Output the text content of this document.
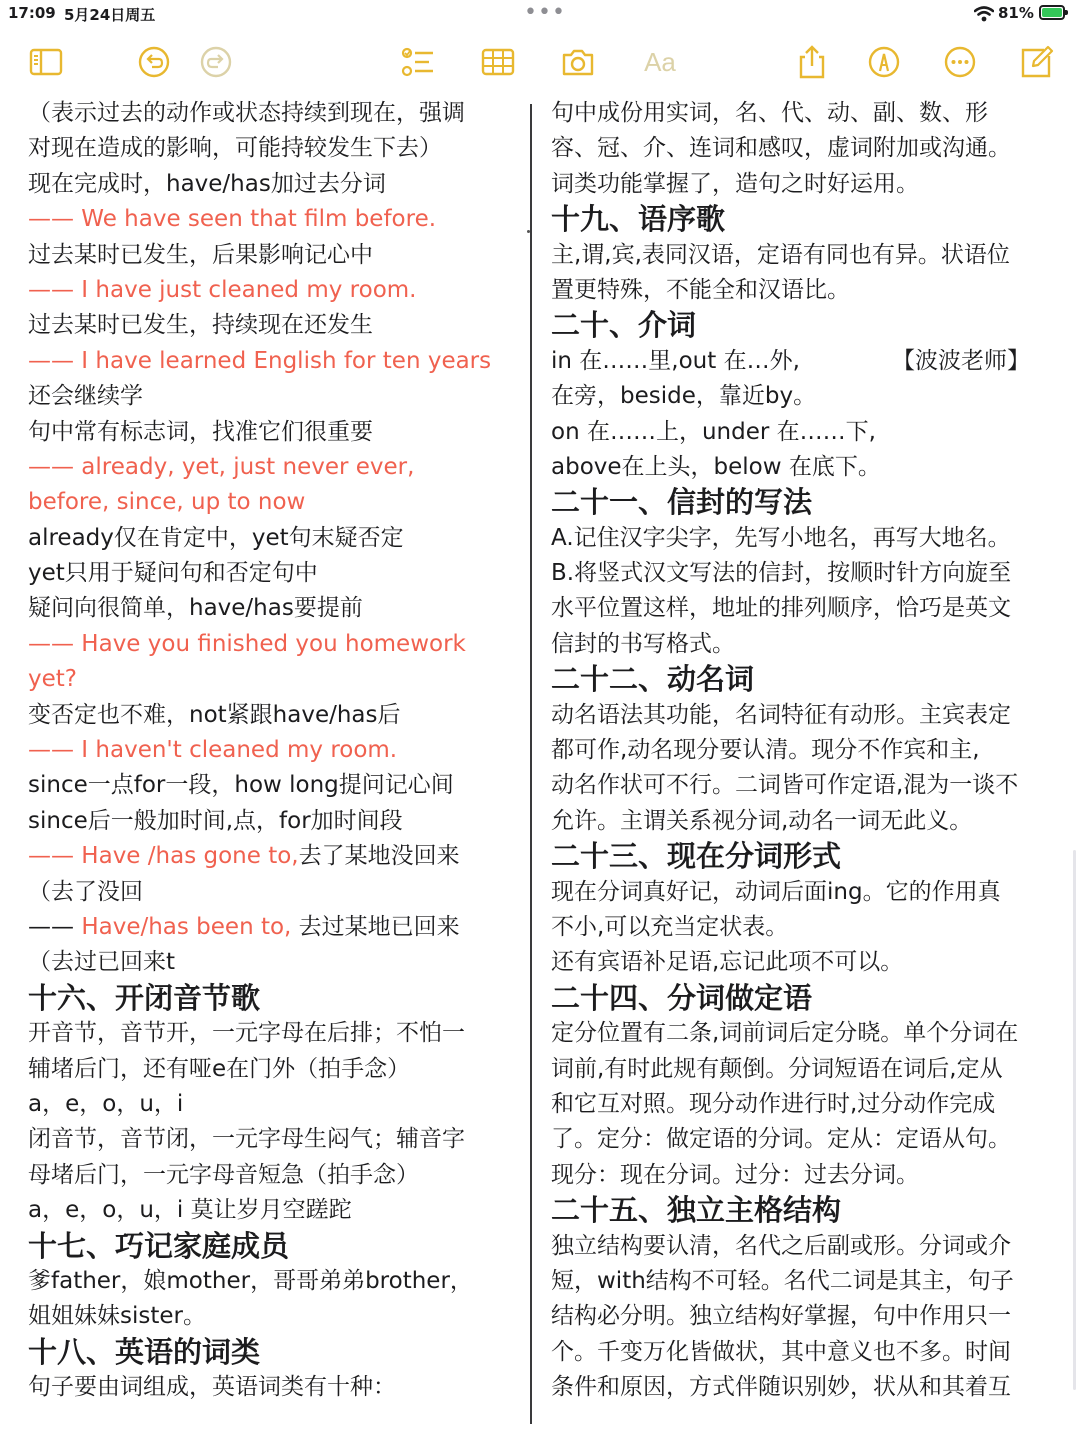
17:09 5月24日周五	•••	81%
Aa
（表示过去的动作或状态持续到现在，强调
对现在造成的影响，可能持较发生下去）
现在完成时，have/has加过去分词
—— We have seen that film before.
过去某时已发生，后果影响记心中
—— I have just cleaned my room.
过去某时已发生，持续现在还发生
—— I have learned English for ten years
还会继续学
句中常有标志词，找准它们很重要
—— already, yet, just never ever,
before, since, up to now
already仅在肯定中，yet句末疑否定
yet只用于疑问句和否定句中
疑问向很简单，have/has要提前
—— Have you finished you homework
yet?
变否定也不难，not紧跟have/has后
—— I haven't cleaned my room.
since一点for一段，how long提问记心间
since后一般加时间,点，for加时间段
—— Have /has gone to,去了某地没回来
（去了没回
—— Have/has been to, 去过某地已回来
（去过已回来t
十六、开闭音节歌
开音节，音节开，一元字母在后排；不怕一
辅堵后门，还有哑e在门外（拍手念）
a，e，o，u，i
闭音节，音节闭，一元字母生闷气；辅音字
母堵后门，一元字母音短急（拍手念）
a，e，o，u，i 莫让岁月空蹉跎
十七、巧记家庭成员
爹father，娘mother，哥哥弟弟brother，
姐姐妹妹sister。
十八、英语的词类
句子要由词组成，英语词类有十种：
句中成份用实词，名、代、动、副、数、形
容、冠、介、连词和感叹，虚词附加或沟通。
词类功能掌握了，造句之时好运用。
十九、语序歌
主,谓,宾,表同汉语，定语有同也有异。状语位
置更特殊，不能全和汉语比。
二十、介词
【波波老师】
in 在……里,out 在…外,
在旁，beside，靠近by。
on 在……上，under 在……下,
above在上头，below 在底下。
二十一、信封的写法
A.记住汉字尖字，先写小地名，再写大地名。
B.将竖式汉文写法的信封，按顺时针方向旋至
水平位置这样，地址的排列顺序，恰巧是英文
信封的书写格式。
二十二、动名词
动名语法其功能，名词特征有动形。主宾表定
都可作,动名现分要认清。现分不作宾和主,
动名作状可不行。二词皆可作定语,混为一谈不
允许。主谓关系视分词,动名一词无此义。
二十三、现在分词形式
现在分词真好记，动词后面ing。它的作用真
不小,可以充当定状表。
还有宾语补足语,忘记此项不可以。
二十四、分词做定语
定分位置有二条,词前词后定分晓。单个分词在
词前,有时此规有颠倒。分词短语在词后,定从
和它互对照。现分动作进行时,过分动作完成
了。定分：做定语的分词。定从：定语从句。
现分：现在分词。过分：过去分词。
二十五、独立主格结构
独立结构要认清，名代之后副或形。分词或介
短，with结构不可轻。名代二词是其主，句子
结构必分明。独立结构好掌握，句中作用只一
个。千变万化皆做状，其中意义也不多。时间
条件和原因，方式伴随识别妙，状从和其着互
